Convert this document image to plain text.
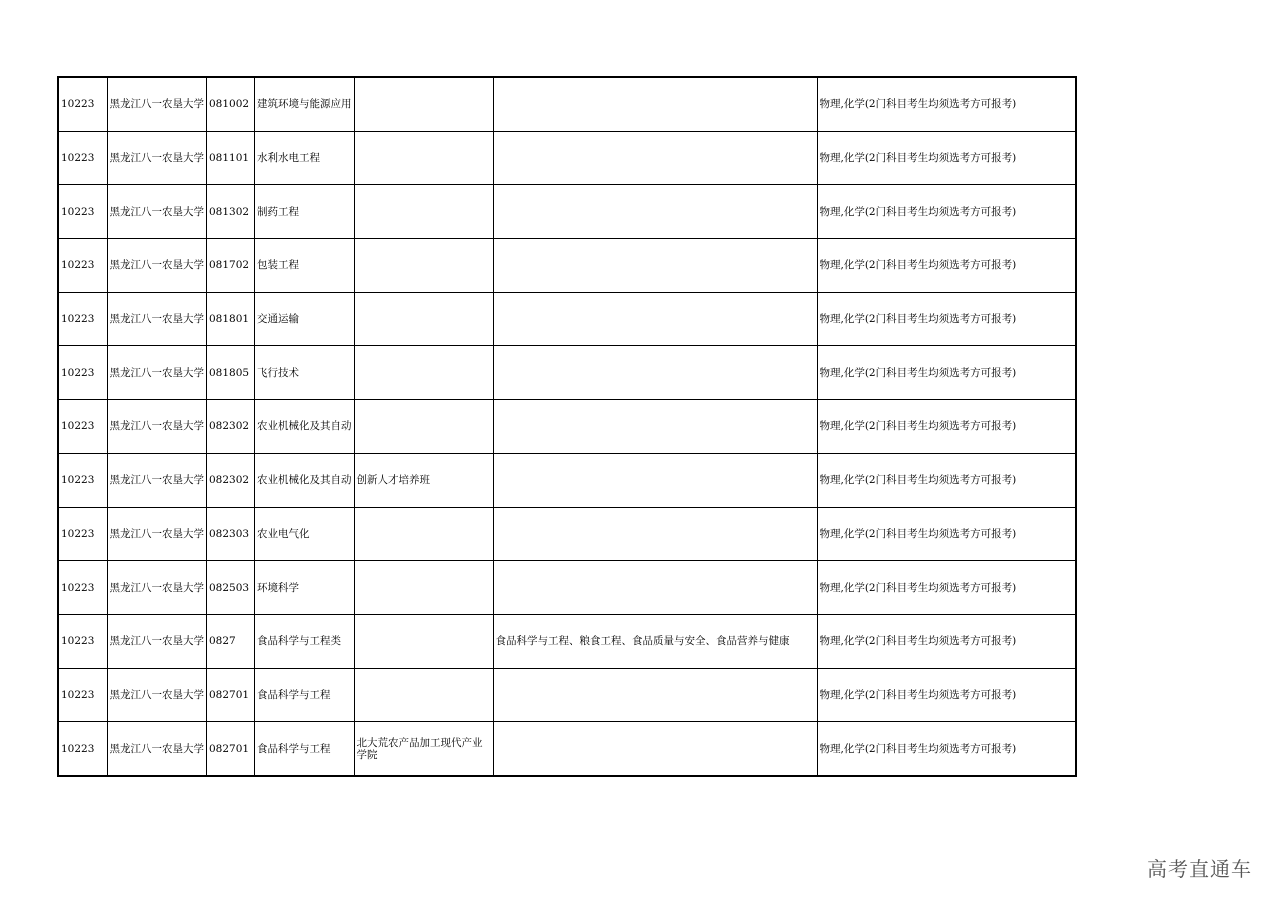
10223	黑龙江八一农垦大学	081002	建筑环境与能源应用			物理,化学(2门科目考生均须选考方可报考)
10223	黑龙江八一农垦大学	081101	水利水电工程			物理,化学(2门科目考生均须选考方可报考)
10223	黑龙江八一农垦大学	081302	制药工程			物理,化学(2门科目考生均须选考方可报考)
10223	黑龙江八一农垦大学	081702	包装工程			物理,化学(2门科目考生均须选考方可报考)
10223	黑龙江八一农垦大学	081801	交通运输			物理,化学(2门科目考生均须选考方可报考)
10223	黑龙江八一农垦大学	081805	飞行技术			物理,化学(2门科目考生均须选考方可报考)
10223	黑龙江八一农垦大学	082302	农业机械化及其自动			物理,化学(2门科目考生均须选考方可报考)
10223	黑龙江八一农垦大学	082302	农业机械化及其自动	创新人才培养班		物理,化学(2门科目考生均须选考方可报考)
10223	黑龙江八一农垦大学	082303	农业电气化			物理,化学(2门科目考生均须选考方可报考)
10223	黑龙江八一农垦大学	082503	环境科学			物理,化学(2门科目考生均须选考方可报考)
10223	黑龙江八一农垦大学	0827	食品科学与工程类		食品科学与工程、粮食工程、食品质量与安全、食品营养与健康	物理,化学(2门科目考生均须选考方可报考)
10223	黑龙江八一农垦大学	082701	食品科学与工程			物理,化学(2门科目考生均须选考方可报考)
10223	黑龙江八一农垦大学	082701	食品科学与工程	北大荒农产品加工现代产业学院		物理,化学(2门科目考生均须选考方可报考)
高考直通车
